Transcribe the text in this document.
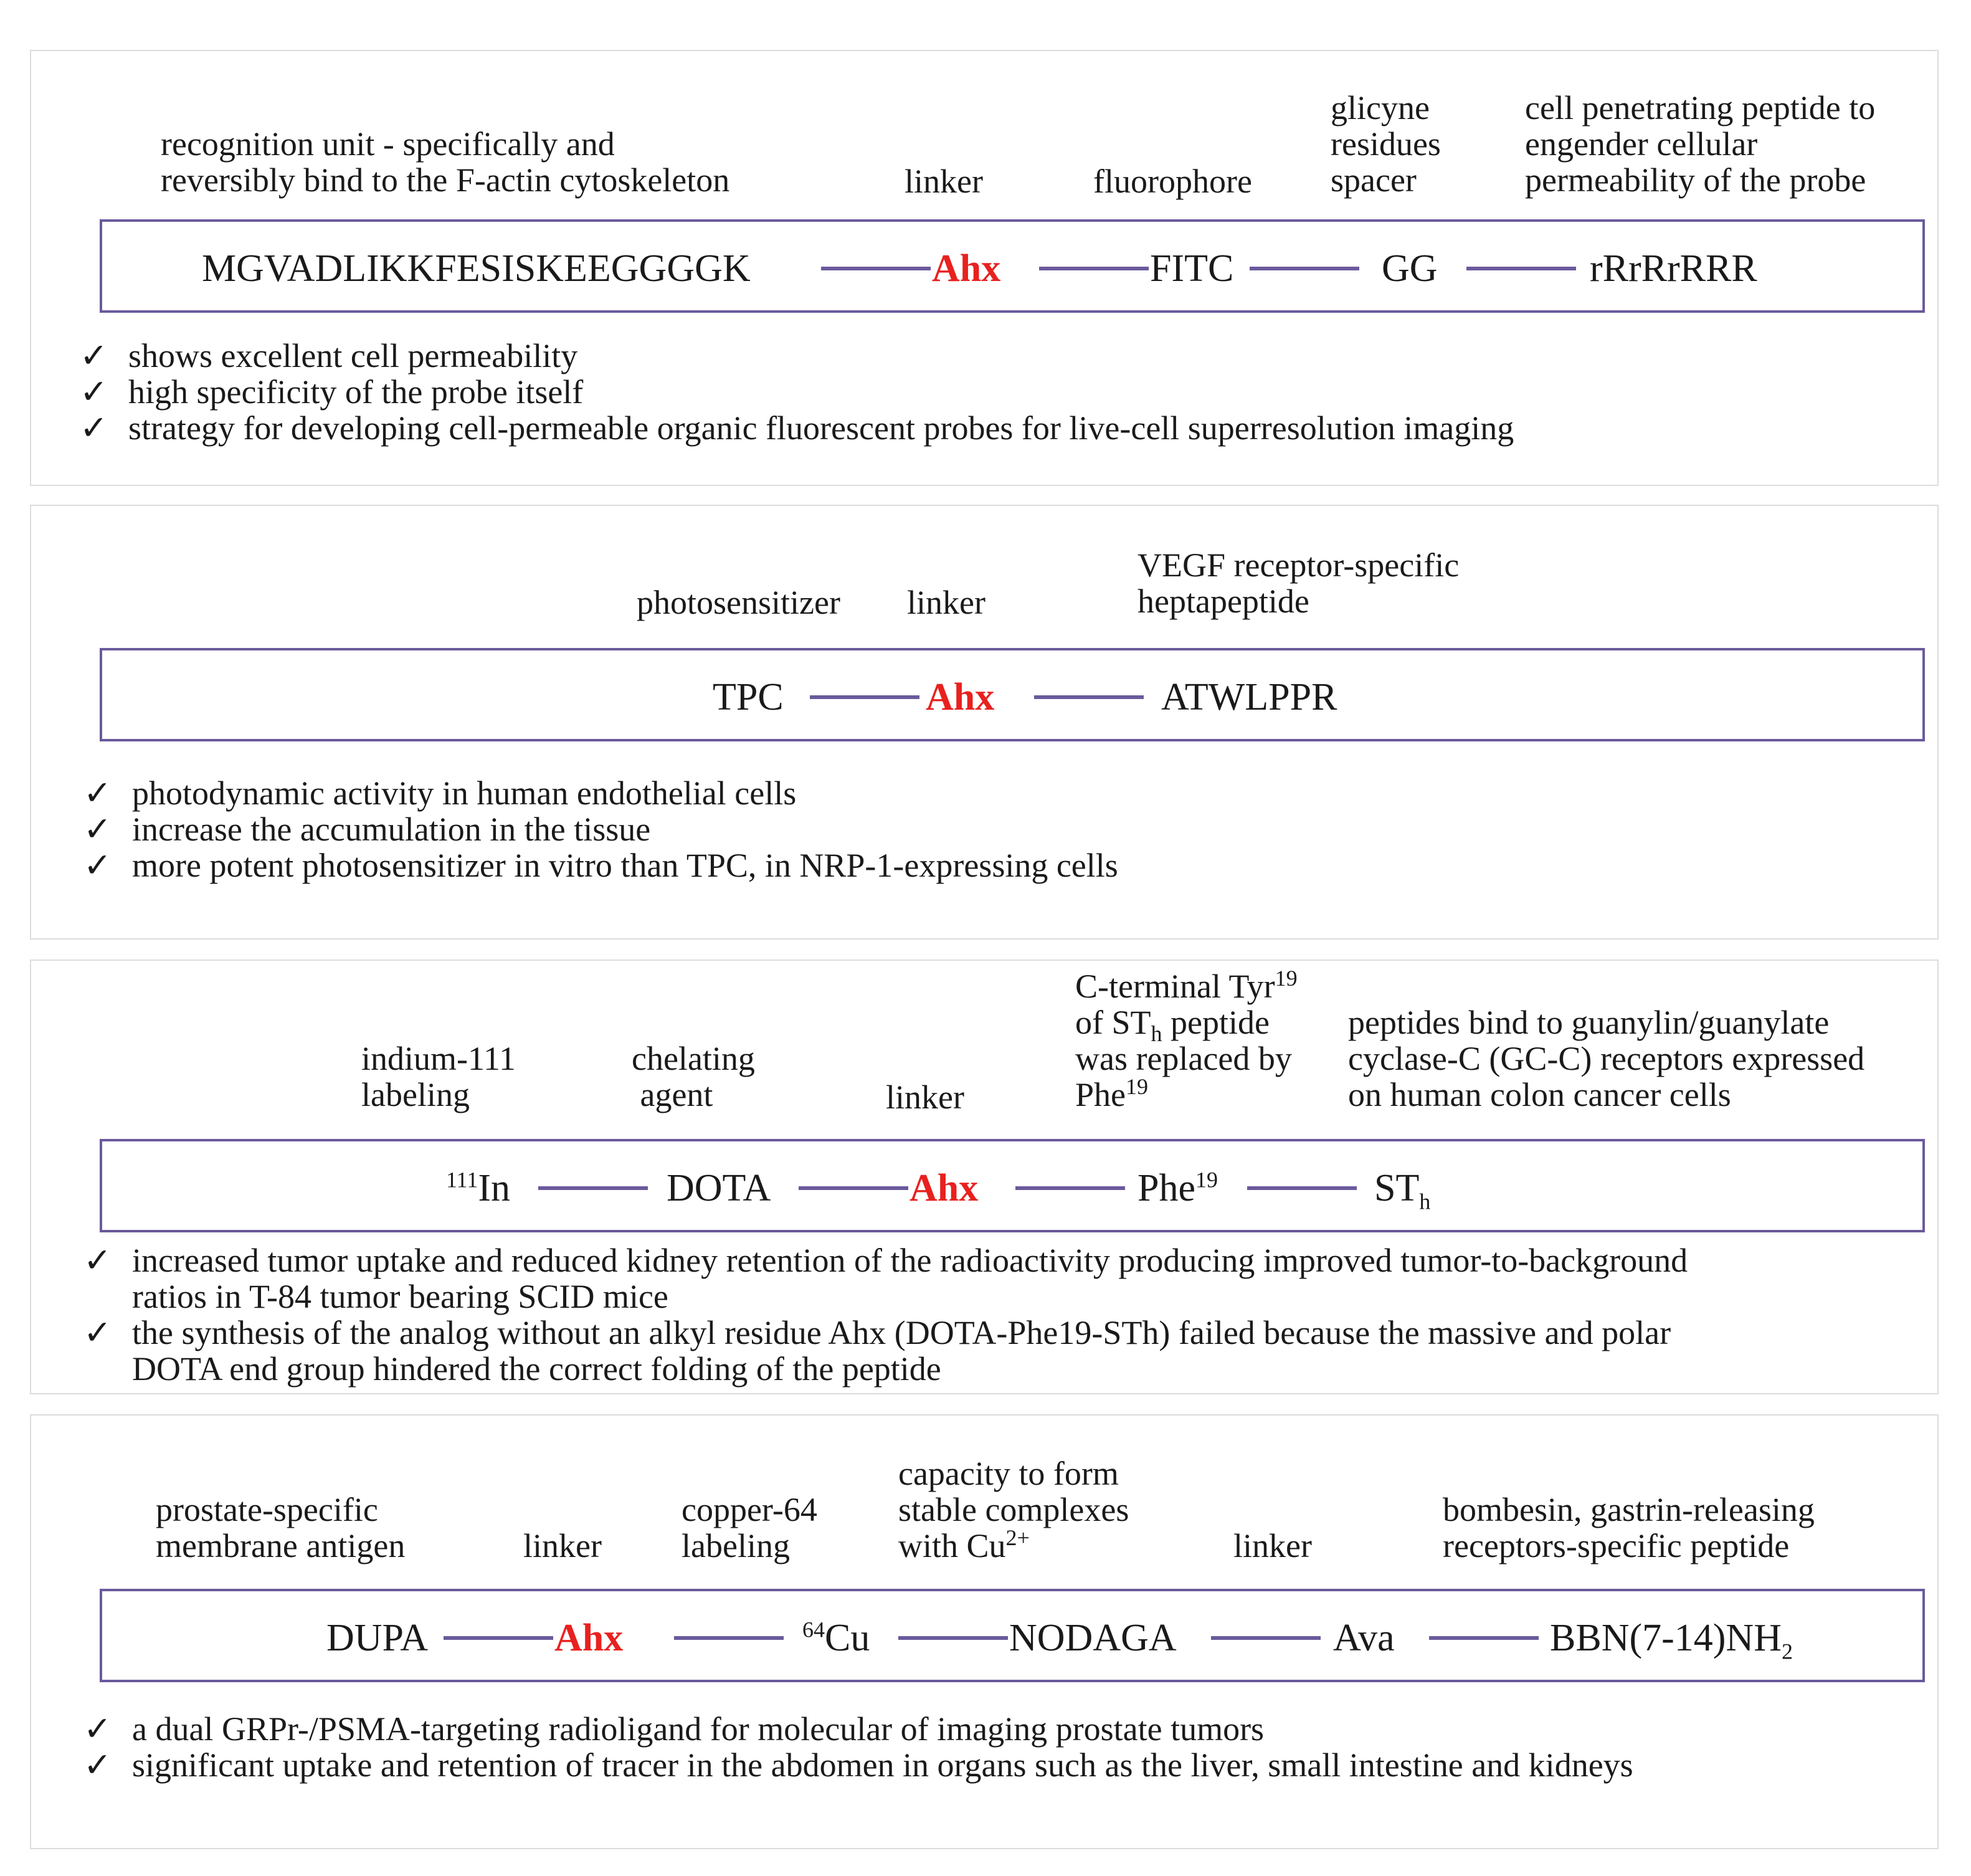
recognition unit - specifically and
reversibly bind to the F-actin cytoskeleton	linker	fluorophore
glicyne
residues
spacer
cell penetrating peptide to
engender cellular
permeability of the probe
MGVADLIKKFESISKEEGGGGK	Ahx	FITC	GG	rRrRrRRR
✓ shows excellent cell permeability
✓ high specificity of the probe itself
✓ strategy for developing cell-permeable organic fluorescent probes for live-cell superresolution imaging
photosensitizer linker
VEGF receptor-specific
heptapeptide
TPC	Ahx	ATWLPPR
✓ photodynamic activity in human endothelial cells
✓ increase the accumulation in the tissue
✓ more potent photosensitizer in vitro than TPC, in NRP-1-expressing cells
indium-111
labeling
chelating
agent	linker
C-terminal Tyr$^{19}$
of $ST_h$ peptide
was replaced by
Phe$^{19}$
peptides bind to guanylin/guanylate
cyclase-C (GC-C) receptors expressed
on human colon cancer cells
$^{111}$In	DOTA	Ahx	Phe$^{19}$	$ST_h$
✓ increased tumor uptake and reduced kidney retention of the radioactivity producing improved tumor-to-background
ratios in T-84 tumor bearing SCID mice
✓ the synthesis of the analog without an alkyl residue Ahx (DOTA-Phe19-STh) failed because the massive and polar
DOTA end group hindered the correct folding of the peptide
prostate-specific
membrane antigen	linker
copper-64
labeling
capacity to form
stable complexes
with $Cu^{2+}$	linker
bombesin, gastrin-releasing
receptors-specific peptide
DUPA	Ahx	$^{64}$Cu	NODAGA	Ava	$BBN(7-14)NH_2$
✓ a dual GRPr-/PSMA-targeting radioligand for molecular of imaging prostate tumors
✓ significant uptake and retention of tracer in the abdomen in organs such as the liver, small intestine and kidneys
